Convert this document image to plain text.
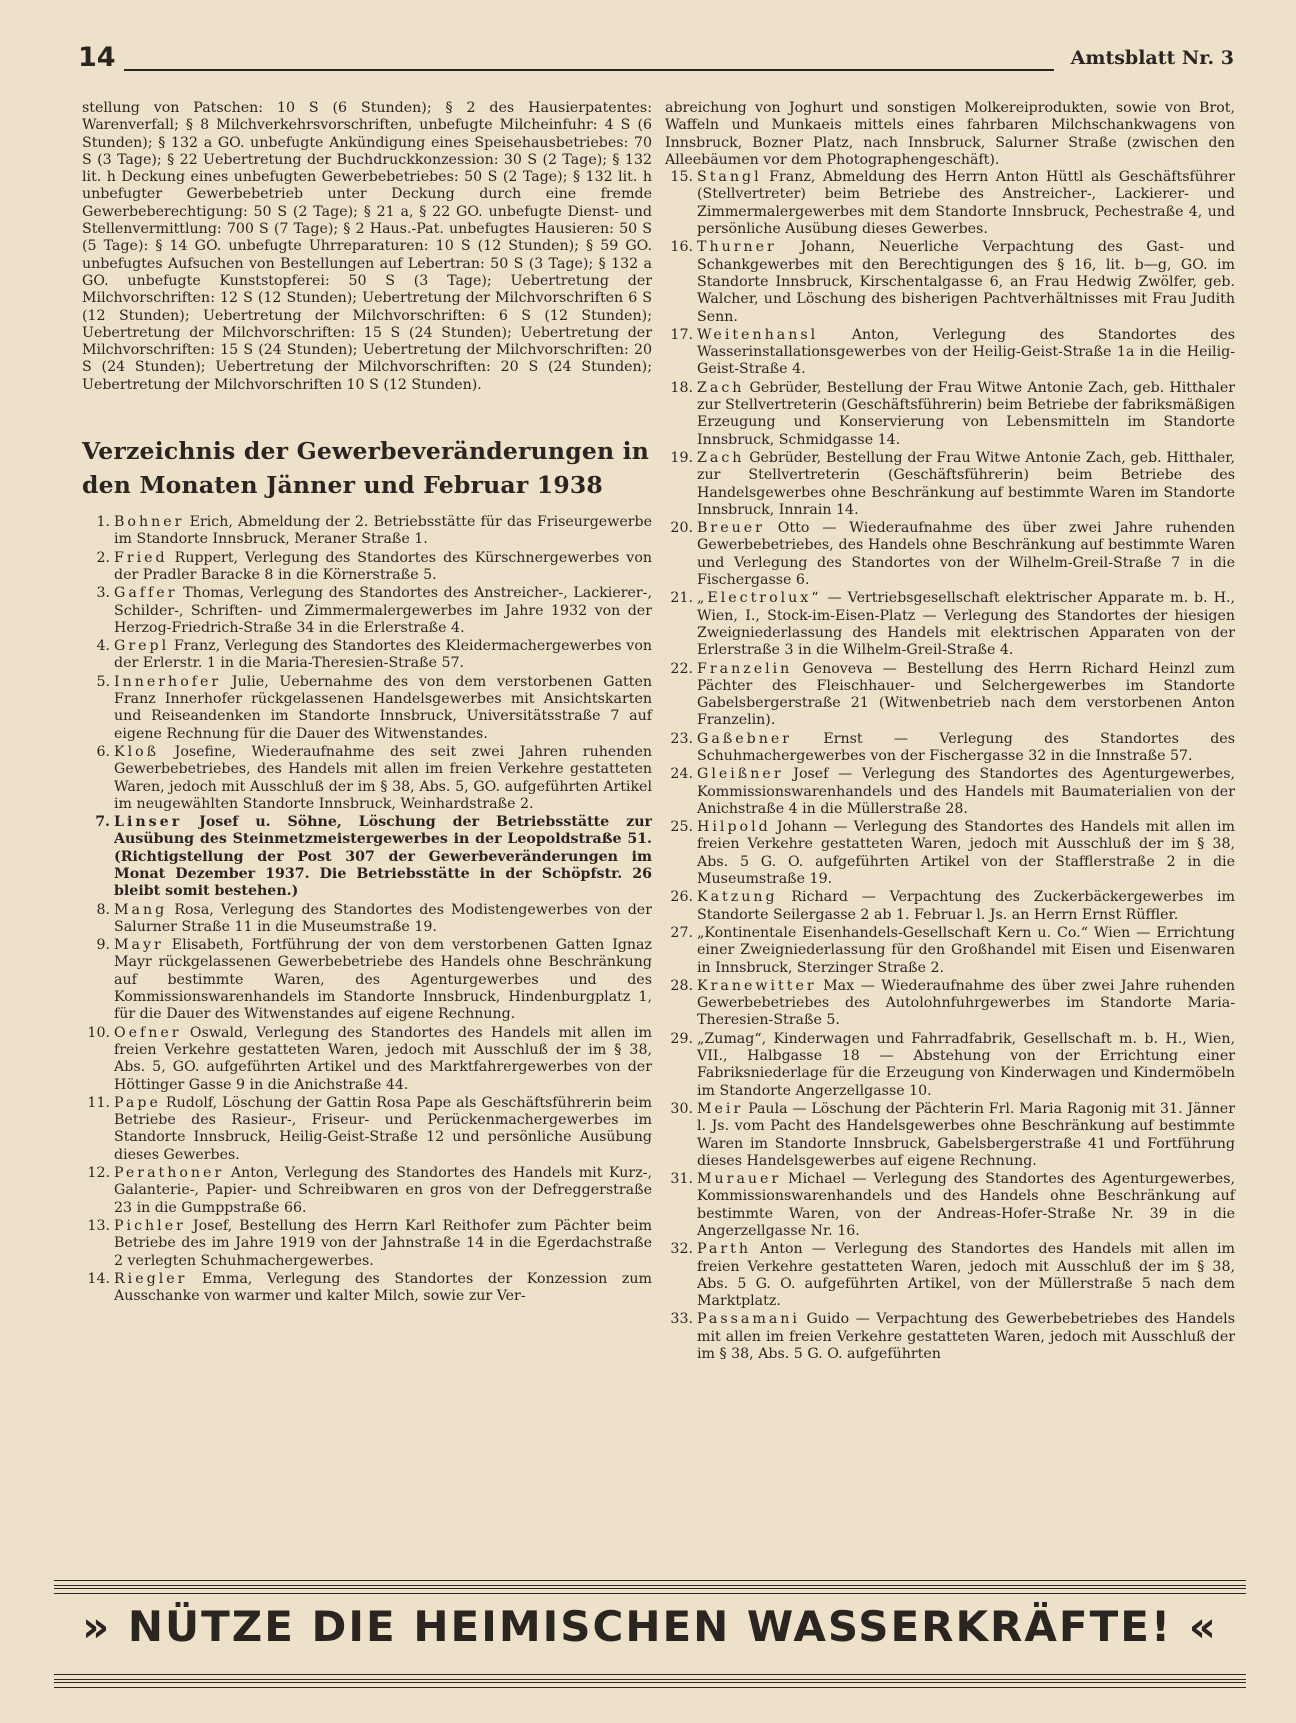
14	Amtsblatt Nr. 3

stellung von Patschen: 10 S (6 Stunden); § 2 des Hausierpatentes: Warenverfall; § 8 Milchverkehrsvorschriften, unbefugte Milcheinfuhr: 4 S (6 Stunden); § 132 a GO. unbefugte Ankündigung eines Speisehausbetriebes: 70 S (3 Tage); § 22 Uebertretung der Buchdruckkonzession: 30 S (2 Tage); § 132 lit. h Deckung eines unbefugten Gewerbebetriebes: 50 S (2 Tage); § 132 lit. h unbefugter Gewerbebetrieb unter Deckung durch eine fremde Gewerbeberechtigung: 50 S (2 Tage); § 21 a, § 22 GO. unbefugte Dienst- und Stellenvermittlung: 700 S (7 Tage); § 2 Haus.-Pat. unbefugtes Hausieren: 50 S (5 Tage): § 14 GO. unbefugte Uhrreparaturen: 10 S (12 Stunden); § 59 GO. unbefugtes Aufsuchen von Bestellungen auf Lebertran: 50 S (3 Tage); § 132 a GO. unbefugte Kunststopferei: 50 S (3 Tage); Uebertretung der Milchvorschriften: 12 S (12 Stunden); Uebertretung der Milchvorschriften 6 S (12 Stunden); Uebertretung der Milchvorschriften: 6 S (12 Stunden); Uebertretung der Milchvorschriften: 15 S (24 Stunden); Uebertretung der Milchvorschriften: 15 S (24 Stunden); Uebertretung der Milchvorschriften: 20 S (24 Stunden); Uebertretung der Milchvorschriften: 20 S (24 Stunden); Uebertretung der Milchvorschriften 10 S (12 Stunden).

Verzeichnis der Gewerbeveränderungen in den Monaten Jänner und Februar 1938
1. Bohner Erich, Abmeldung der 2. Betriebsstätte für das Friseurgewerbe im Standorte Innsbruck, Meraner Straße 1.
2. Fried Ruppert, Verlegung des Standortes des Kürschnergewerbes von der Pradler Baracke 8 in die Körnerstraße 5.
3. Gaffer Thomas, Verlegung des Standortes des Anstreicher-, Lackierer-, Schilder-, Schriften- und Zimmermalergewerbes im Jahre 1932 von der Herzog-Friedrich-Straße 34 in die Erlerstraße 4.
4. Grepl Franz, Verlegung des Standortes des Kleidermachergewerbes von der Erlerstr. 1 in die Maria-Theresien-Straße 57.
5. Innerhofer Julie, Uebernahme des von dem verstorbenen Gatten Franz Innerhofer rückgelassenen Handelsgewerbes mit Ansichtskarten und Reiseandenken im Standorte Innsbruck, Universitätsstraße 7 auf eigene Rechnung für die Dauer des Witwenstandes.
6. Kloß Josefine, Wiederaufnahme des seit zwei Jahren ruhenden Gewerbebetriebes, des Handels mit allen im freien Verkehre gestatteten Waren, jedoch mit Ausschluß der im § 38, Abs. 5, GO. aufgeführten Artikel im neugewählten Standorte Innsbruck, Weinhardstraße 2.
7. Linser Josef u. Söhne, Löschung der Betriebsstätte zur Ausübung des Steinmetzmeistergewerbes in der Leopoldstraße 51. (Richtigstellung der Post 307 der Gewerbeveränderungen im Monat Dezember 1937. Die Betriebsstätte in der Schöpfstr. 26 bleibt somit bestehen.)
8. Mang Rosa, Verlegung des Standortes des Modistengewerbes von der Salurner Straße 11 in die Museumstraße 19.
9. Mayr Elisabeth, Fortführung der von dem verstorbenen Gatten Ignaz Mayr rückgelassenen Gewerbebetriebe des Handels ohne Beschränkung auf bestimmte Waren, des Agenturgewerbes und des Kommissionswarenhandels im Standorte Innsbruck, Hindenburgplatz 1, für die Dauer des Witwenstandes auf eigene Rechnung.
10. Oefner Oswald, Verlegung des Standortes des Handels mit allen im freien Verkehre gestatteten Waren, jedoch mit Ausschluß der im § 38, Abs. 5, GO. aufgeführten Artikel und des Marktfahrergewerbes von der Höttinger Gasse 9 in die Anichstraße 44.
11. Pape Rudolf, Löschung der Gattin Rosa Pape als Geschäftsführerin beim Betriebe des Rasieur-, Friseur- und Perückenmachergewerbes im Standorte Innsbruck, Heilig-Geist-Straße 12 und persönliche Ausübung dieses Gewerbes.
12. Perathoner Anton, Verlegung des Standortes des Handels mit Kurz-, Galanterie-, Papier- und Schreibwaren en gros von der Defreggerstraße 23 in die Gumppstraße 66.
13. Pichler Josef, Bestellung des Herrn Karl Reithofer zum Pächter beim Betriebe des im Jahre 1919 von der Jahnstraße 14 in die Egerdachstraße 2 verlegten Schuhmachergewerbes.
14. Riegler Emma, Verlegung des Standortes der Konzession zum Ausschanke von warmer und kalter Milch, sowie zur Ver-

abreichung von Joghurt und sonstigen Molkereiprodukten, sowie von Brot, Waffeln und Munkaeis mittels eines fahrbaren Milchschankwagens von Innsbruck, Bozner Platz, nach Innsbruck, Salurner Straße (zwischen den Alleebäumen vor dem Photographengeschäft).

15. Stangl Franz, Abmeldung des Herrn Anton Hüttl als Geschäftsführer (Stellvertreter) beim Betriebe des Anstreicher-, Lackierer- und Zimmermalergewerbes mit dem Standorte Innsbruck, Pechestraße 4, und persönliche Ausübung dieses Gewerbes.
16. Thurner Johann, Neuerliche Verpachtung des Gast- und Schankgewerbes mit den Berechtigungen des § 16, lit. b—g, GO. im Standorte Innsbruck, Kirschentalgasse 6, an Frau Hedwig Zwölfer, geb. Walcher, und Löschung des bisherigen Pachtverhältnisses mit Frau Judith Senn.
17. Weitenhansl Anton, Verlegung des Standortes des Wasserinstallationsgewerbes von der Heilig-Geist-Straße 1a in die Heilig-Geist-Straße 4.
18. Zach Gebrüder, Bestellung der Frau Witwe Antonie Zach, geb. Hitthaler zur Stellvertreterin (Geschäftsführerin) beim Betriebe der fabriksmäßigen Erzeugung und Konservierung von Lebensmitteln im Standorte Innsbruck, Schmidgasse 14.
19. Zach Gebrüder, Bestellung der Frau Witwe Antonie Zach, geb. Hitthaler, zur Stellvertreterin (Geschäftsführerin) beim Betriebe des Handelsgewerbes ohne Beschränkung auf bestimmte Waren im Standorte Innsbruck, Innrain 14.
20. Breuer Otto — Wiederaufnahme des über zwei Jahre ruhenden Gewerbebetriebes, des Handels ohne Beschränkung auf bestimmte Waren und Verlegung des Standortes von der Wilhelm-Greil-Straße 7 in die Fischergasse 6.
21. „Electrolux“ — Vertriebsgesellschaft elektrischer Apparate m. b. H., Wien, I., Stock-im-Eisen-Platz — Verlegung des Standortes der hiesigen Zweigniederlassung des Handels mit elektrischen Apparaten von der Erlerstraße 3 in die Wilhelm-Greil-Straße 4.
22. Franzelin Genoveva — Bestellung des Herrn Richard Heinzl zum Pächter des Fleischhauer- und Selchergewerbes im Standorte Gabelsbergerstraße 21 (Witwenbetrieb nach dem verstorbenen Anton Franzelin).
23. Gaßebner Ernst — Verlegung des Standortes des Schuhmachergewerbes von der Fischergasse 32 in die Innstraße 57.
24. Gleißner Josef — Verlegung des Standortes des Agenturgewerbes, Kommissionswarenhandels und des Handels mit Baumaterialien von der Anichstraße 4 in die Müllerstraße 28.
25. Hilpold Johann — Verlegung des Standortes des Handels mit allen im freien Verkehre gestatteten Waren, jedoch mit Ausschluß der im § 38, Abs. 5 G. O. aufgeführten Artikel von der Stafflerstraße 2 in die Museumstraße 19.
26. Katzung Richard — Verpachtung des Zuckerbäckergewerbes im Standorte Seilergasse 2 ab 1. Februar l. Js. an Herrn Ernst Rüffler.
27. „Kontinentale Eisenhandels-Gesellschaft Kern u. Co.“ Wien — Errichtung einer Zweigniederlassung für den Großhandel mit Eisen und Eisenwaren in Innsbruck, Sterzinger Straße 2.
28. Kranewitter Max — Wiederaufnahme des über zwei Jahre ruhenden Gewerbebetriebes des Autolohnfuhrgewerbes im Standorte Maria-Theresien-Straße 5.
29. „Zumag“, Kinderwagen und Fahrradfabrik, Gesellschaft m. b. H., Wien, VII., Halbgasse 18 — Abstehung von der Errichtung einer Fabriksniederlage für die Erzeugung von Kinderwagen und Kindermöbeln im Standorte Angerzellgasse 10.
30. Meir Paula — Löschung der Pächterin Frl. Maria Ragonig mit 31. Jänner l. Js. vom Pacht des Handelsgewerbes ohne Beschränkung auf bestimmte Waren im Standorte Innsbruck, Gabelsbergerstraße 41 und Fortführung dieses Handelsgewerbes auf eigene Rechnung.
31. Murauer Michael — Verlegung des Standortes des Agenturgewerbes, Kommissionswarenhandels und des Handels ohne Beschränkung auf bestimmte Waren, von der Andreas-Hofer-Straße Nr. 39 in die Angerzellgasse Nr. 16.
32. Parth Anton — Verlegung des Standortes des Handels mit allen im freien Verkehre gestatteten Waren, jedoch mit Ausschluß der im § 38, Abs. 5 G. O. aufgeführten Artikel, von der Müllerstraße 5 nach dem Marktplatz.
33. Passamani Guido — Verpachtung des Gewerbebetriebes des Handels mit allen im freien Verkehre gestatteten Waren, jedoch mit Ausschluß der im § 38, Abs. 5 G. O. aufgeführten
» NÜTZE DIE HEIMISCHEN WASSERKRÄFTE! «
